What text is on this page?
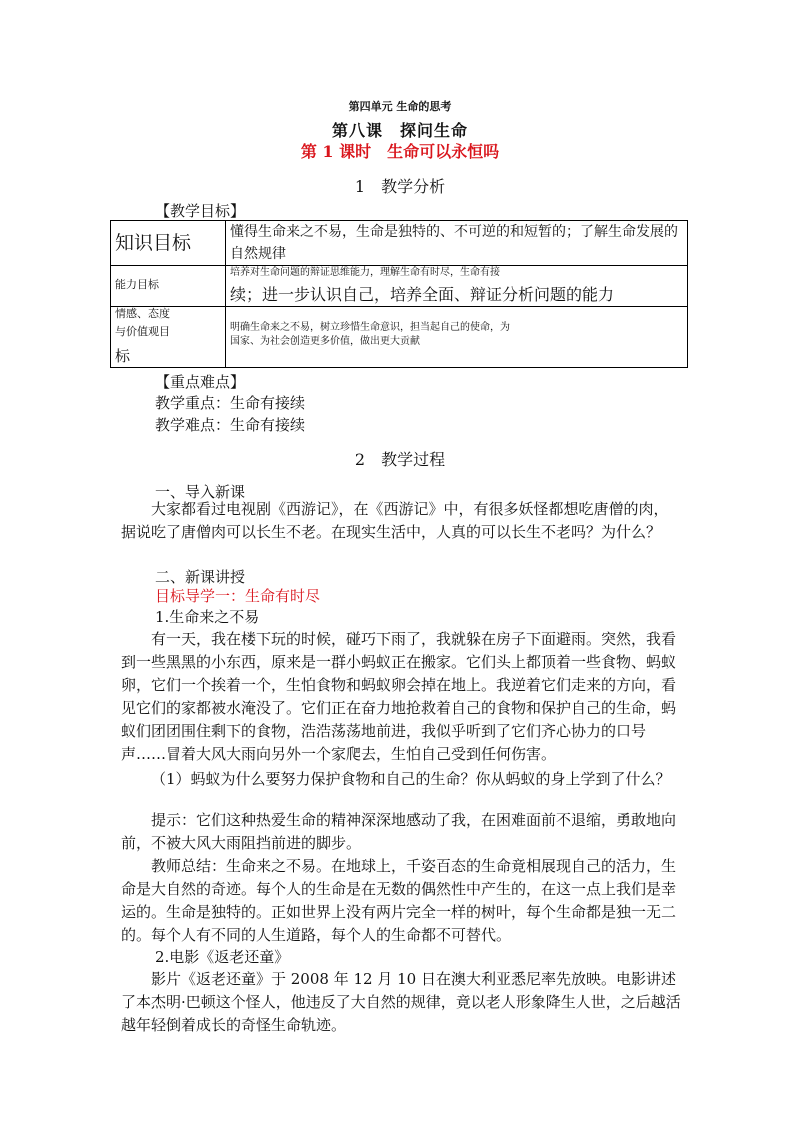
第四单元 生命的思考
第八课　探问生命
第 1 课时　生命可以永恒吗
1　教学分析
【教学目标】
知识目标	懂得生命来之不易，生命是独特的、不可逆的和短暂的；了解生命发展的自然规律

能力目标	培养对生命问题的辩证思维能力，理解生命有时尽，生命有接
续；进一步认识自己，培养全面、辩证分析问题的能力

情感、态度
与价值观目
标	明确生命来之不易，树立珍惜生命意识，担当起自己的使命，为
国家、为社会创造更多价值，做出更大贡献
【重点难点】
教学重点：生命有接续
教学难点：生命有接续
2　教学过程
一、导入新课
大家都看过电视剧《西游记》，在《西游记》中，有很多妖怪都想吃唐僧的肉，据说吃了唐僧肉可以长生不老。在现实生活中，人真的可以长生不老吗？为什么？
二、新课讲授
目标导学一：生命有时尽
1.生命来之不易
有一天，我在楼下玩的时候，碰巧下雨了，我就躲在房子下面避雨。突然，我看到一些黑黑的小东西，原来是一群小蚂蚁正在搬家。它们头上都顶着一些食物、蚂蚁卵，它们一个挨着一个，生怕食物和蚂蚁卵会掉在地上。我逆着它们走来的方向，看见它们的家都被水淹没了。它们正在奋力地抢救着自己的食物和保护自己的生命，蚂蚁们团团围住剩下的食物，浩浩荡荡地前进，我似乎听到了它们齐心协力的口号声……冒着大风大雨向另外一个家爬去，生怕自己受到任何伤害。
（1）蚂蚁为什么要努力保护食物和自己的生命？你从蚂蚁的身上学到了什么？
提示：它们这种热爱生命的精神深深地感动了我，在困难面前不退缩，勇敢地向前，不被大风大雨阻挡前进的脚步。
教师总结：生命来之不易。在地球上，千姿百态的生命竟相展现自己的活力，生命是大自然的奇迹。每个人的生命是在无数的偶然性中产生的，在这一点上我们是幸运的。生命是独特的。正如世界上没有两片完全一样的树叶，每个生命都是独一无二的。每个人有不同的人生道路，每个人的生命都不可替代。
2.电影《返老还童》
影片《返老还童》于 2008 年 12 月 10 日在澳大利亚悉尼率先放映。电影讲述了本杰明·巴顿这个怪人，他违反了大自然的规律，竟以老人形象降生人世，之后越活越年轻倒着成长的奇怪生命轨迹。
